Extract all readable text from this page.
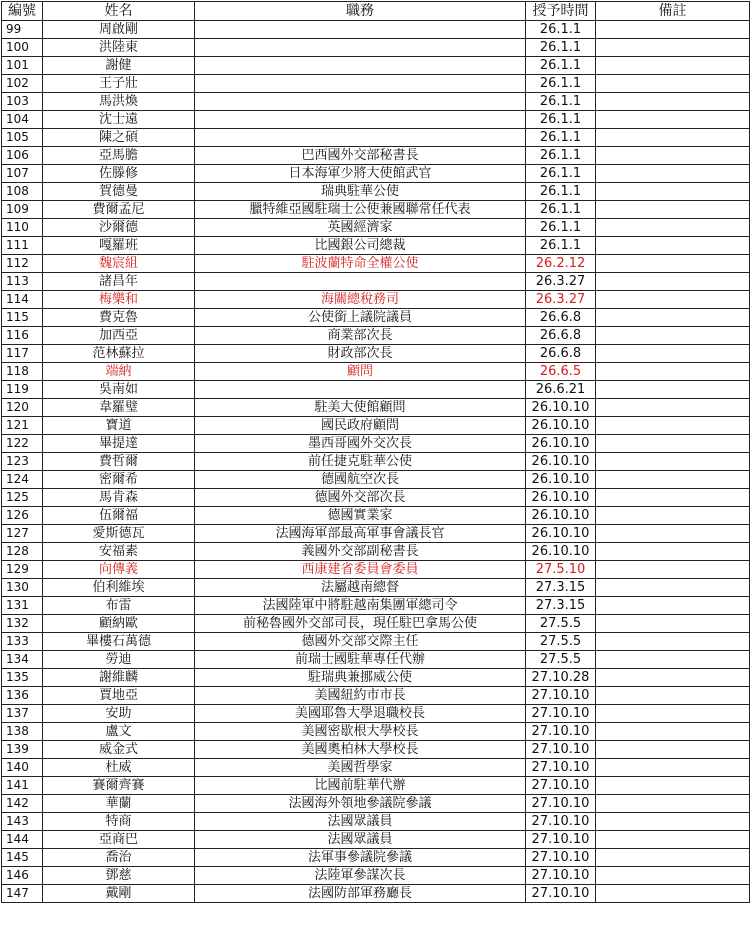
編號	姓名	職務	授予時間	備註
99	周啟剛		26.1.1	
100	洪陸東		26.1.1	
101	謝健		26.1.1	
102	王子壯		26.1.1	
103	馬洪煥		26.1.1	
104	沈士遠		26.1.1	
105	陳之碩		26.1.1	
106	亞馬膽	巴西國外交部秘書長	26.1.1	
107	佐滕修	日本海軍少將大使館武官	26.1.1	
108	賀德曼	瑞典駐華公使	26.1.1	
109	費爾孟尼	臘特維亞國駐瑞士公使兼國聯常任代表	26.1.1	
110	沙爾德	英國經濟家	26.1.1	
111	嘎羅班	比國銀公司總裁	26.1.1	
112	魏宸組	駐波蘭特命全權公使	26.2.12	
113	諸昌年		26.3.27	
114	梅樂和	海關總稅務司	26.3.27	
115	費克魯	公使銜上議院議員	26.6.8	
116	加西亞	商業部次長	26.6.8	
117	范林蘇拉	財政部次長	26.6.8	
118	端納	顧問	26.6.5	
119	吳南如		26.6.21	
120	韋羅璧	駐美大使館顧問	26.10.10	
121	寶道	國民政府顧問	26.10.10	
122	畢提達	墨西哥國外交次長	26.10.10	
123	費哲爾	前任捷克駐華公使	26.10.10	
124	密爾希	德國航空次長	26.10.10	
125	馬肯森	德國外交部次長	26.10.10	
126	伍爾福	德國實業家	26.10.10	
127	愛斯德瓦	法國海軍部最高軍事會議長官	26.10.10	
128	安福素	義國外交部副秘書長	26.10.10	
129	向傳義	西康建省委員會委員	27.5.10	
130	伯利維埃	法屬越南總督	27.3.15	
131	布雷	法國陸軍中將駐越南集團軍總司令	27.3.15	
132	顧納歐	前秘魯國外交部司長，現任駐巴拿馬公使	27.5.5	
133	畢樓石萬德	德國外交部交際主任	27.5.5	
134	勞迪	前瑞士國駐華專任代辦	27.5.5	
135	謝維麟	駐瑞典兼挪威公使	27.10.28	
136	賈地亞	美國紐約市市長	27.10.10	
137	安助	美國耶魯大學退職校長	27.10.10	
138	盧文	美國密歇根大學校長	27.10.10	
139	威金式	美國奧柏林大學校長	27.10.10	
140	杜威	美國哲學家	27.10.10	
141	賽爾齊賽	比國前駐華代辦	27.10.10	
142	華蘭	法國海外領地參議院參議	27.10.10	
143	特商	法國眾議員	27.10.10	
144	亞商巴	法國眾議員	27.10.10	
145	喬治	法軍事參議院參議	27.10.10	
146	鄧慈	法陸軍參謀次長	27.10.10	
147	戴剛	法國防部軍務廳長	27.10.10	
